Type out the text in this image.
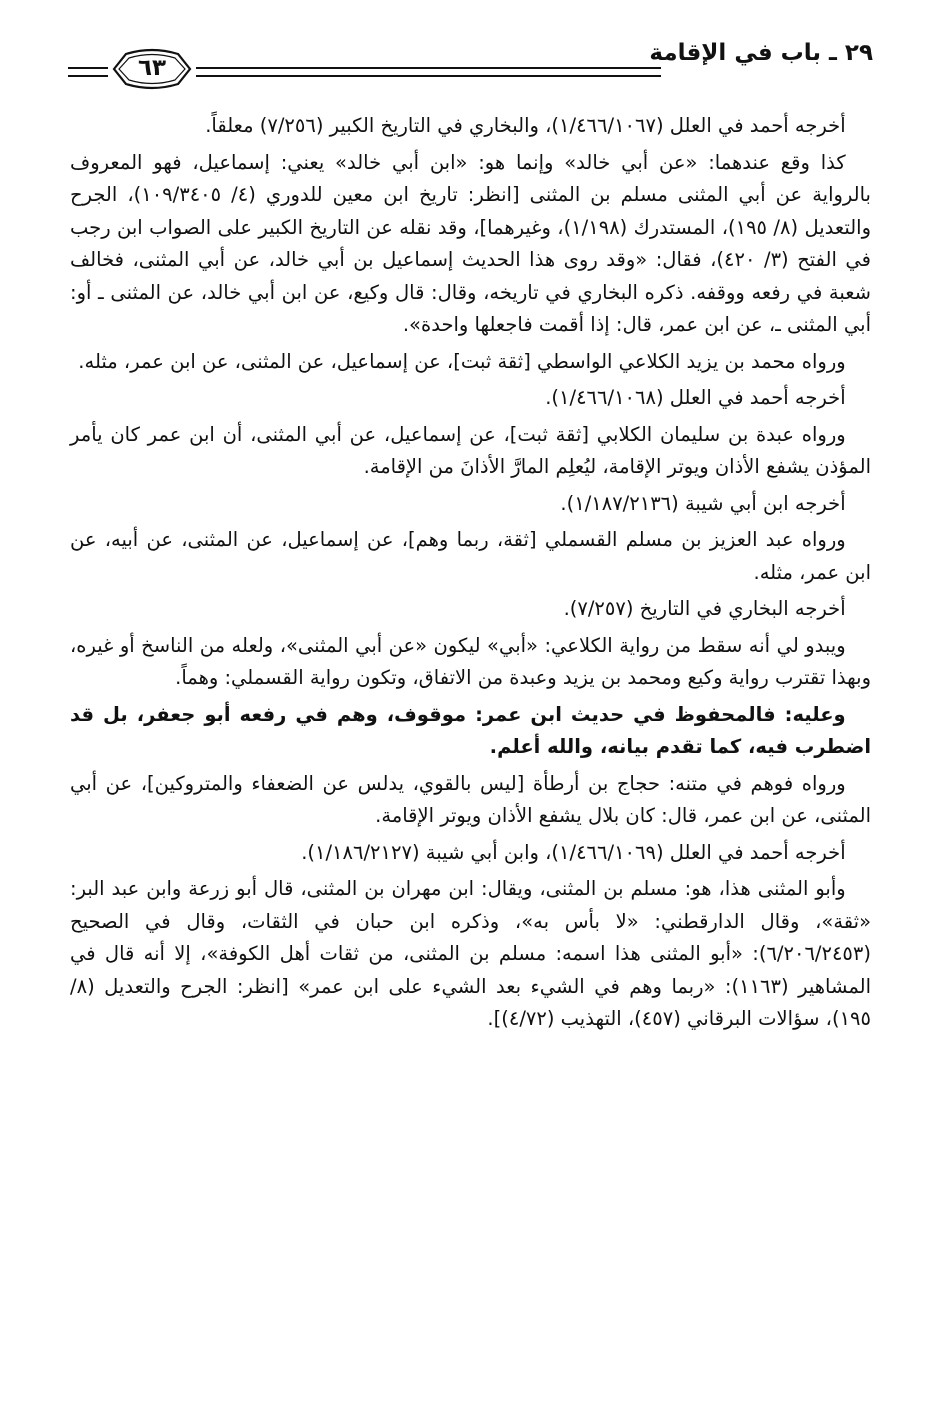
٢٩ ـ باب في الإقامة
٦٣

أخرجه أحمد في العلل (١/٤٦٦/١٠٦٧)، والبخاري في التاريخ الكبير (٧/٢٥٦) معلقاً.

كذا وقع عندهما: «عن أبي خالد» وإنما هو: «ابن أبي خالد» يعني: إسماعيل، فهو المعروف بالرواية عن أبي المثنى مسلم بن المثنى [انظر: تاريخ ابن معين للدوري (٤/ ١٠٩/٣٤٠٥)، الجرح والتعديل (٨/ ١٩٥)، المستدرك (١/١٩٨)، وغيرهما]، وقد نقله عن التاريخ الكبير على الصواب ابن رجب في الفتح (٣/ ٤٢٠)، فقال: «وقد روى هذا الحديث إسماعيل بن أبي خالد، عن أبي المثنى، فخالف شعبة في رفعه ووقفه. ذكره البخاري في تاريخه، وقال: قال وكيع، عن ابن أبي خالد، عن المثنى ـ أو: أبي المثنى ـ، عن ابن عمر، قال: إذا أقمت فاجعلها واحدة».

ورواه محمد بن يزيد الكلاعي الواسطي [ثقة ثبت]، عن إسماعيل، عن المثنى، عن ابن عمر، مثله.

أخرجه أحمد في العلل (١/٤٦٦/١٠٦٨).

ورواه عبدة بن سليمان الكلابي [ثقة ثبت]، عن إسماعيل، عن أبي المثنى، أن ابن عمر كان يأمر المؤذن يشفع الأذان ويوتر الإقامة، ليُعلِم المارَّ الأذانَ من الإقامة.

أخرجه ابن أبي شيبة (١/١٨٧/٢١٣٦).

ورواه عبد العزيز بن مسلم القسملي [ثقة، ربما وهم]، عن إسماعيل، عن المثنى، عن أبيه، عن ابن عمر، مثله.

أخرجه البخاري في التاريخ (٧/٢٥٧).

ويبدو لي أنه سقط من رواية الكلاعي: «أبي» ليكون «عن أبي المثنى»، ولعله من الناسخ أو غيره، وبهذا تقترب رواية وكيع ومحمد بن يزيد وعبدة من الاتفاق، وتكون رواية القسملي: وهماً.

وعليه: فالمحفوظ في حديث ابن عمر: موقوف، وهم في رفعه أبو جعفر، بل قد اضطرب فيه، كما تقدم بيانه، والله أعلم.

ورواه فوهم في متنه: حجاج بن أرطأة [ليس بالقوي، يدلس عن الضعفاء والمتروكين]، عن أبي المثنى، عن ابن عمر، قال: كان بلال يشفع الأذان ويوتر الإقامة.

أخرجه أحمد في العلل (١/٤٦٦/١٠٦٩)، وابن أبي شيبة (١/١٨٦/٢١٢٧).

وأبو المثنى هذا، هو: مسلم بن المثنى، ويقال: ابن مهران بن المثنى، قال أبو زرعة وابن عبد البر: «ثقة»، وقال الدارقطني: «لا بأس به»، وذكره ابن حبان في الثقات، وقال في الصحيح (٦/٢٠٦/٢٤٥٣): «أبو المثنى هذا اسمه: مسلم بن المثنى، من ثقات أهل الكوفة»، إلا أنه قال في المشاهير (١١٦٣): «ربما وهم في الشيء بعد الشيء على ابن عمر» [انظر: الجرح والتعديل (٨/ ١٩٥)، سؤالات البرقاني (٤٥٧)، التهذيب (٤/٧٢)].
